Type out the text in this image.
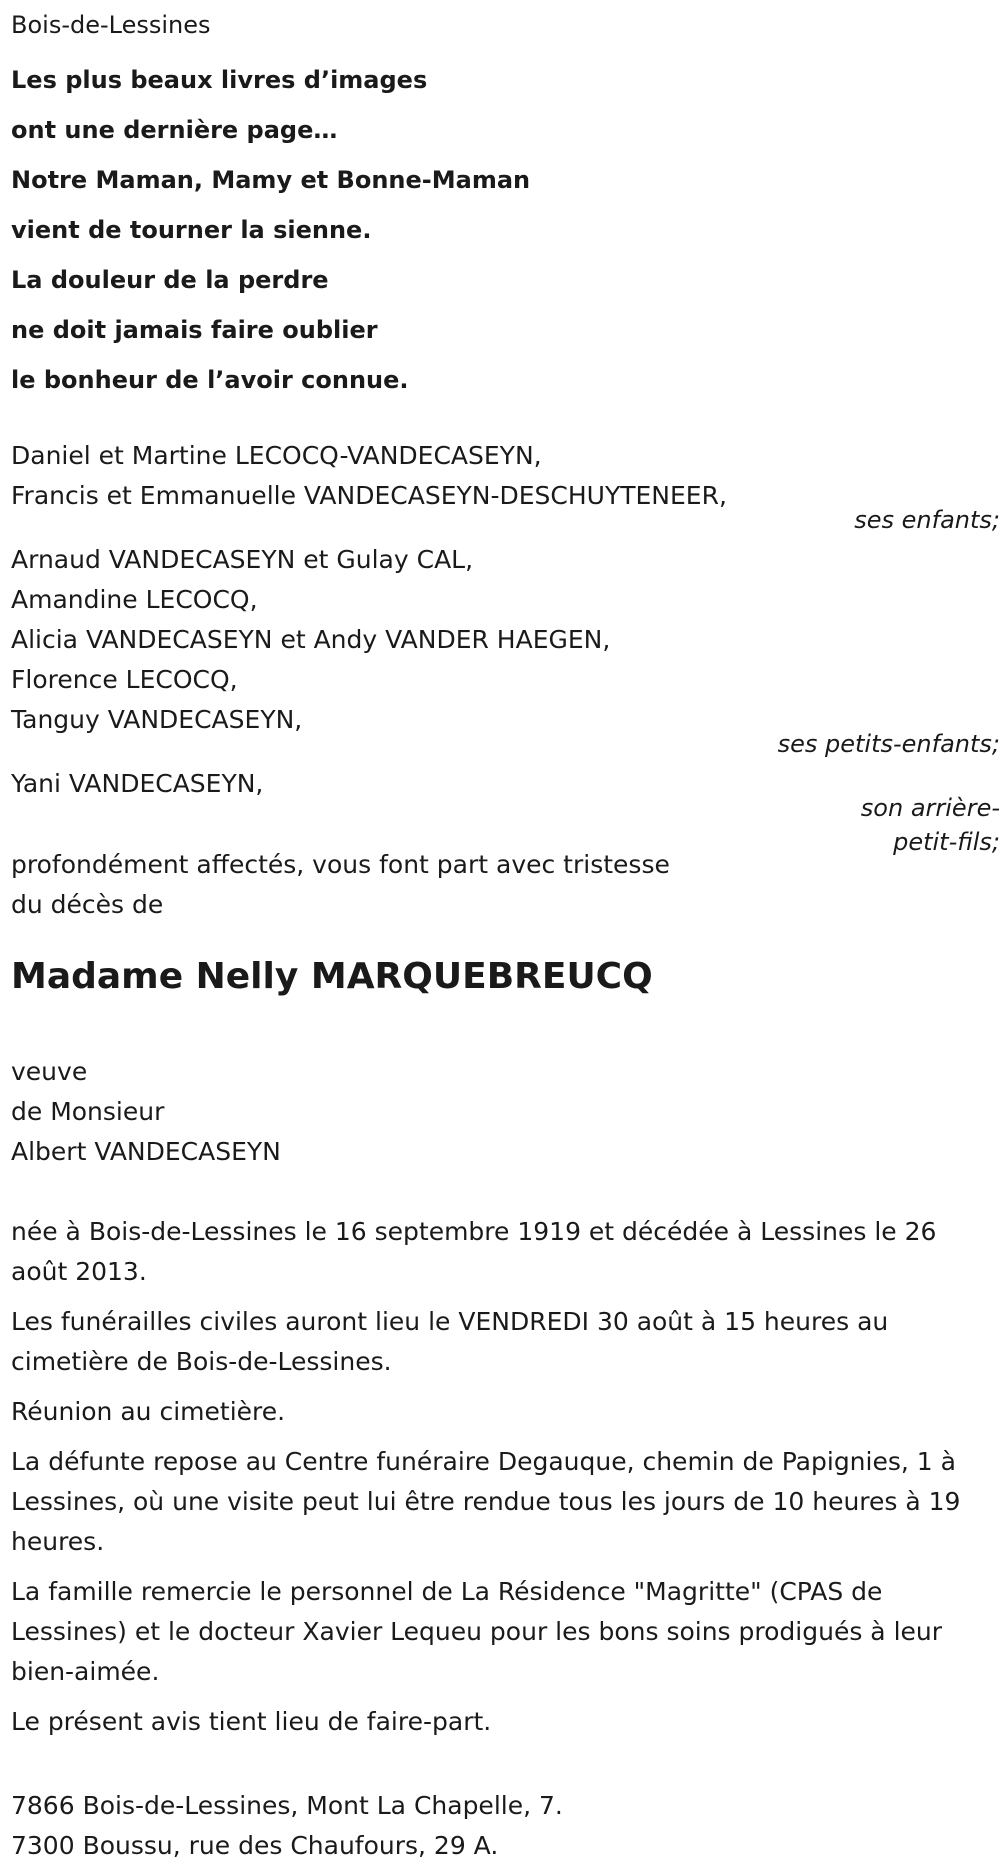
Bois-de-Lessines

Les plus beaux livres d’images
ont une dernière page…
Notre Maman, Mamy et Bonne-Maman
vient de tourner la sienne.
La douleur de la perdre
ne doit jamais faire oublier
le bonheur de l’avoir connue.
Daniel et Martine LECOCQ-VANDECASEYN,
Francis et Emmanuelle VANDECASEYN-DESCHUYTENEER,
ses enfants;
Arnaud VANDECASEYN et Gulay CAL,
Amandine LECOCQ,
Alicia VANDECASEYN et Andy VANDER HAEGEN,
Florence LECOCQ,
Tanguy VANDECASEYN,
ses petits-enfants;
Yani VANDECASEYN,
son arrière-
petit-fils;
profondément affectés, vous font part avec tristesse
du décès de
Madame Nelly MARQUEBREUCQ
veuve
de Monsieur
Albert VANDECASEYN

née à Bois-de-Lessines le 16 septembre 1919 et décédée à Lessines le 26 août 2013.

Les funérailles civiles auront lieu le VENDREDI 30 août à 15 heures au cimetière de Bois-de-Lessines.

Réunion au cimetière.

La défunte repose au Centre funéraire Degauque, chemin de Papignies, 1 à Lessines, où une visite peut lui être rendue tous les jours de 10 heures à 19 heures.

La famille remercie le personnel de La Résidence "Magritte" (CPAS de Lessines) et le docteur Xavier Lequeu pour les bons soins prodigués à leur bien-aimée.

Le présent avis tient lieu de faire-part.

7866 Bois-de-Lessines, Mont La Chapelle, 7.
7300 Boussu, rue des Chaufours, 29 A.
